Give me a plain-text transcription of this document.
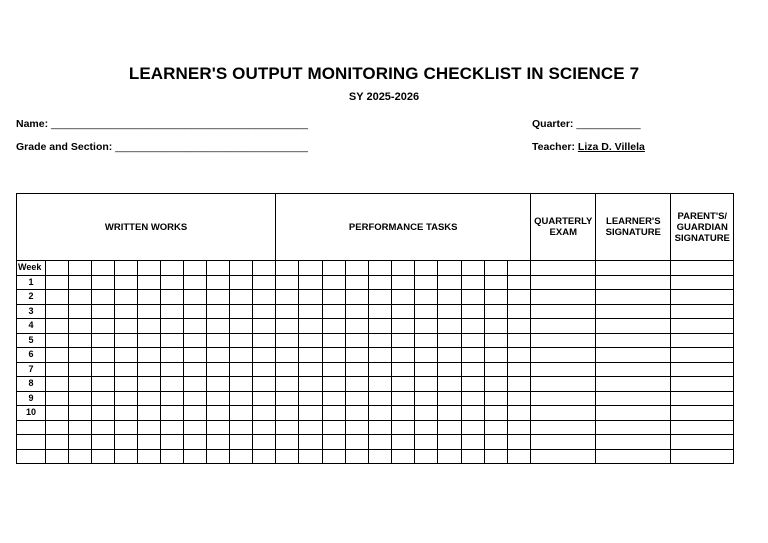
LEARNER'S OUTPUT MONITORING CHECKLIST IN SCIENCE 7
SY 2025-2026
Name: ____________________________________________
Grade and Section: _________________________________
Quarter: ___________
Teacher: Liza D. Villela
WRITTEN WORKS											PERFORMANCE TASKS											QUARTERLY EXAM	LEARNER'S SIGNATURE	PARENT'S/ GUARDIAN SIGNATURE
Week																								
1																								
2																								
3																								
4																								
5																								
6																								
7																								
8																								
9																								
10																								
